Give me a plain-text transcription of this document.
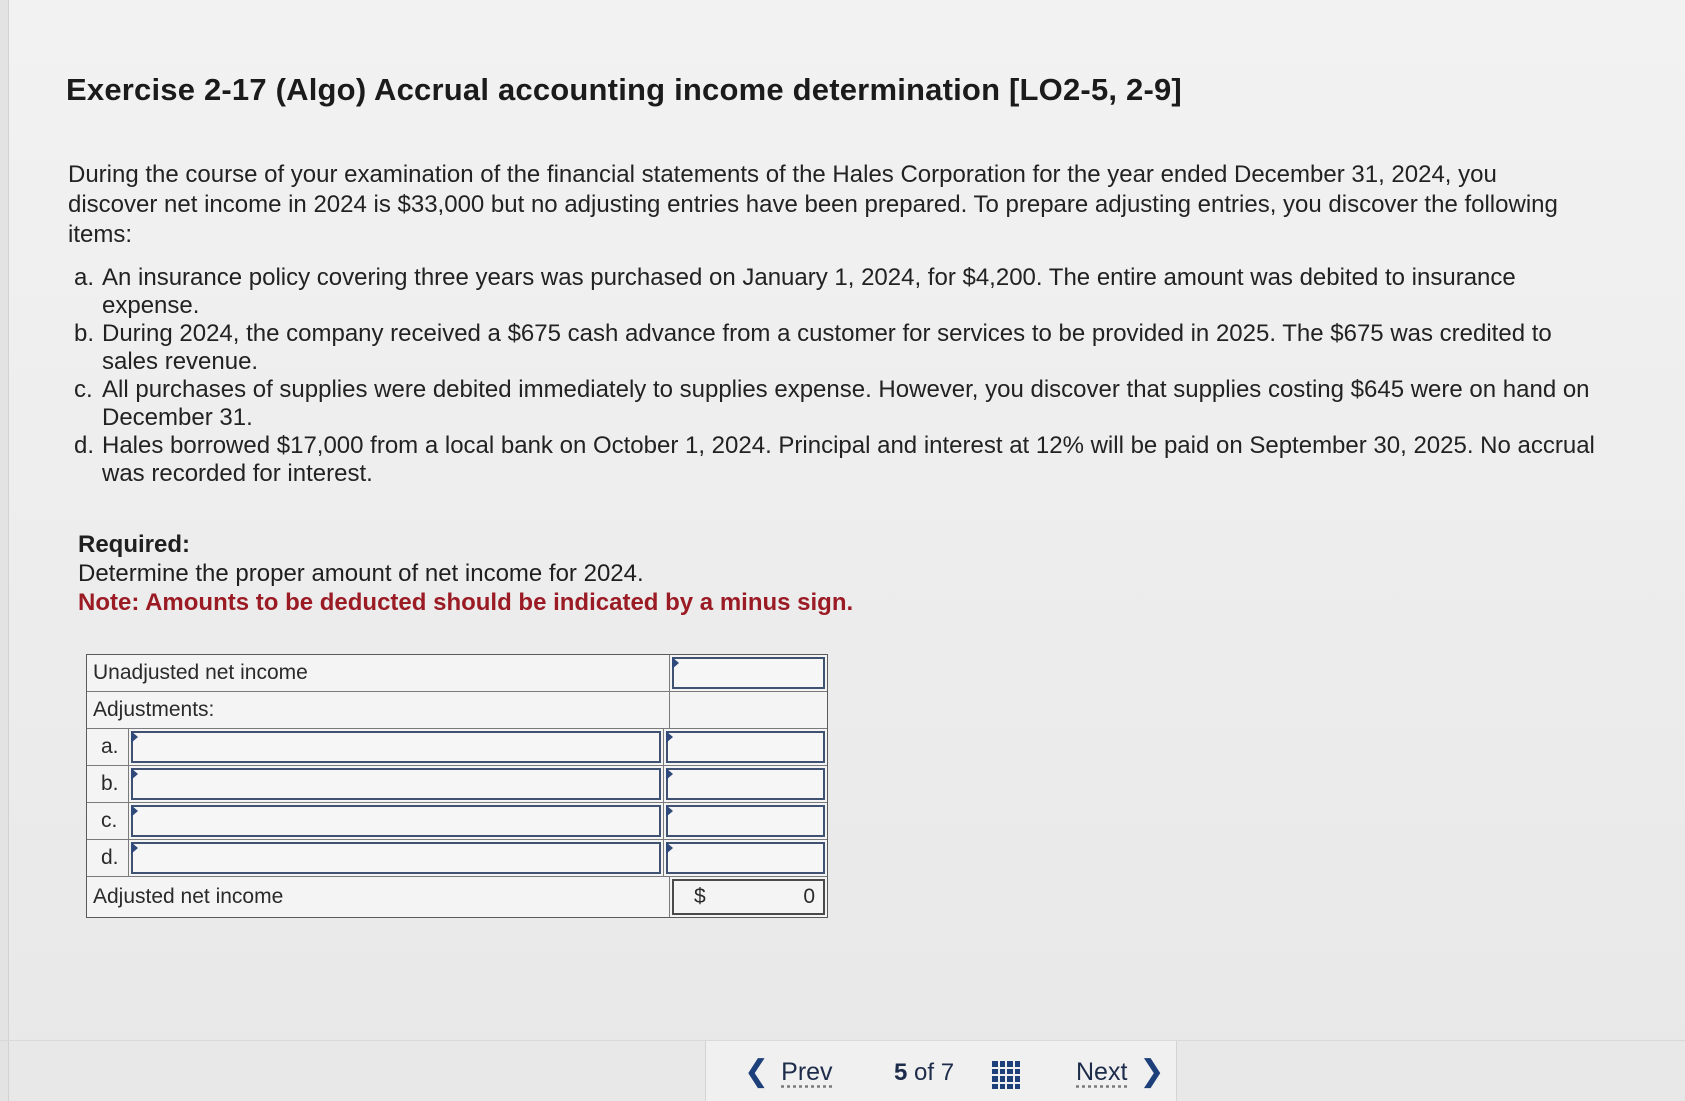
Exercise 2-17 (Algo) Accrual accounting income determination [LO2-5, 2-9]
During the course of your examination of the financial statements of the Hales Corporation for the year ended December 31, 2024, you discover net income in 2024 is $33,000 but no adjusting entries have been prepared. To prepare adjusting entries, you discover the following items:
a. An insurance policy covering three years was purchased on January 1, 2024, for $4,200. The entire amount was debited to insurance expense.
b. During 2024, the company received a $675 cash advance from a customer for services to be provided in 2025. The $675 was credited to sales revenue.
c. All purchases of supplies were debited immediately to supplies expense. However, you discover that supplies costing $645 were on hand on December 31.
d. Hales borrowed $17,000 from a local bank on October 1, 2024. Principal and interest at 12% will be paid on September 30, 2025. No accrual was recorded for interest.
Required:
Determine the proper amount of net income for 2024.
Note: Amounts to be deducted should be indicated by a minus sign.
Unadjusted net income
Adjustments:
a.
b.
c.
d.
Adjusted net income	$	0
❮ Prev	5 of 7	Next ❯
